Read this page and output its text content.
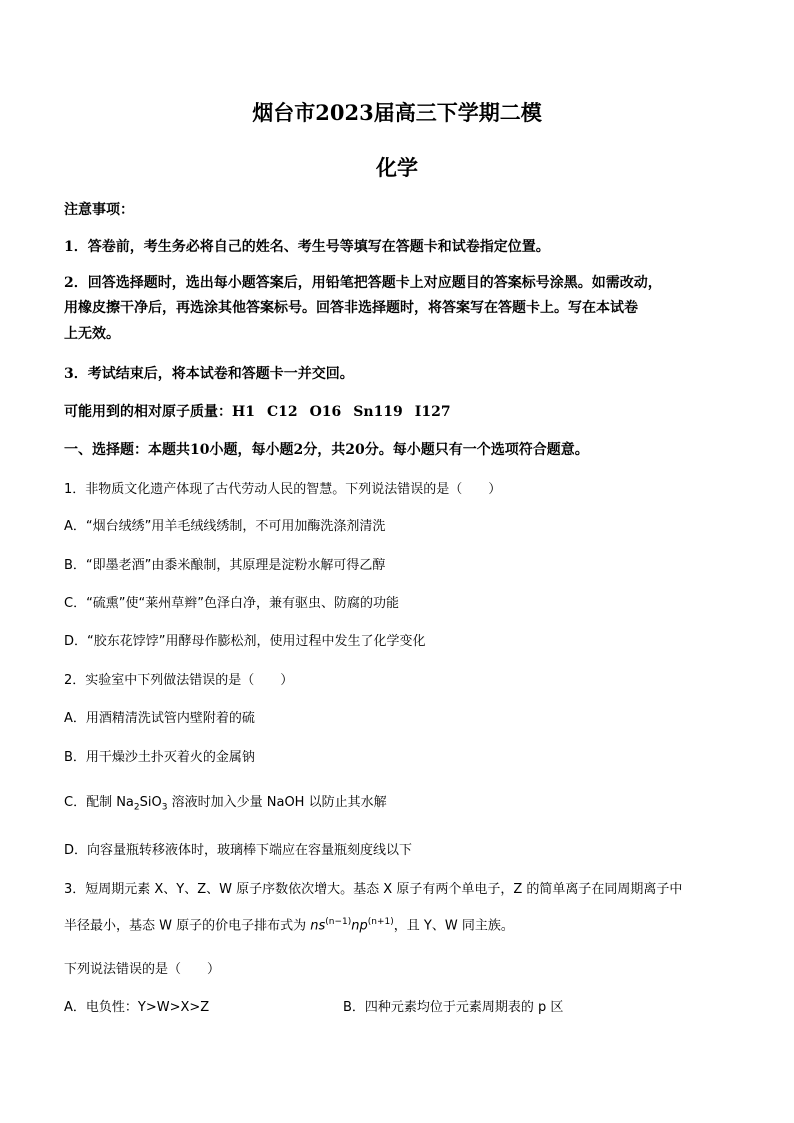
烟台市2023届高三下学期二模
化学
注意事项：
1．答卷前，考生务必将自己的姓名、考生号等填写在答题卡和试卷指定位置。
2．回答选择题时，选出每小题答案后，用铅笔把答题卡上对应题目的答案标号涂黑。如需改动，
用橡皮擦干净后，再选涂其他答案标号。回答非选择题时，将答案写在答题卡上。写在本试卷
上无效。
3．考试结束后，将本试卷和答题卡一并交回。
可能用到的相对原子质量：H1 C12 O16 Sn119 I127
一、选择题：本题共10小题，每小题2分，共20分。每小题只有一个选项符合题意。
1．非物质文化遗产体现了古代劳动人民的智慧。下列说法错误的是（　　）
A．“烟台绒绣”用羊毛绒线绣制，不可用加酶洗涤剂清洗
B．“即墨老酒”由黍米酿制，其原理是淀粉水解可得乙醇
C．“硫熏”使“莱州草辫”色泽白净，兼有驱虫、防腐的功能
D．“胶东花饽饽”用酵母作膨松剂，使用过程中发生了化学变化
2．实验室中下列做法错误的是（　　）
A．用酒精清洗试管内壁附着的硫
B．用干燥沙土扑灭着火的金属钠
C．配制 $Na_2SiO_3$ 溶液时加入少量 NaOH 以防止其水解
D．向容量瓶转移液体时，玻璃棒下端应在容量瓶刻度线以下
3．短周期元素 X、Y、Z、W 原子序数依次增大。基态 X 原子有两个单电子，Z 的简单离子在同周期离子中
半径最小，基态 W 原子的价电子排布式为 $ns^{(n-1)}np^{(n+1)}$，且 Y、W 同主族。
下列说法错误的是（　　）
A．电负性：Y>W>X>Z	B．四种元素均位于元素周期表的 p 区
